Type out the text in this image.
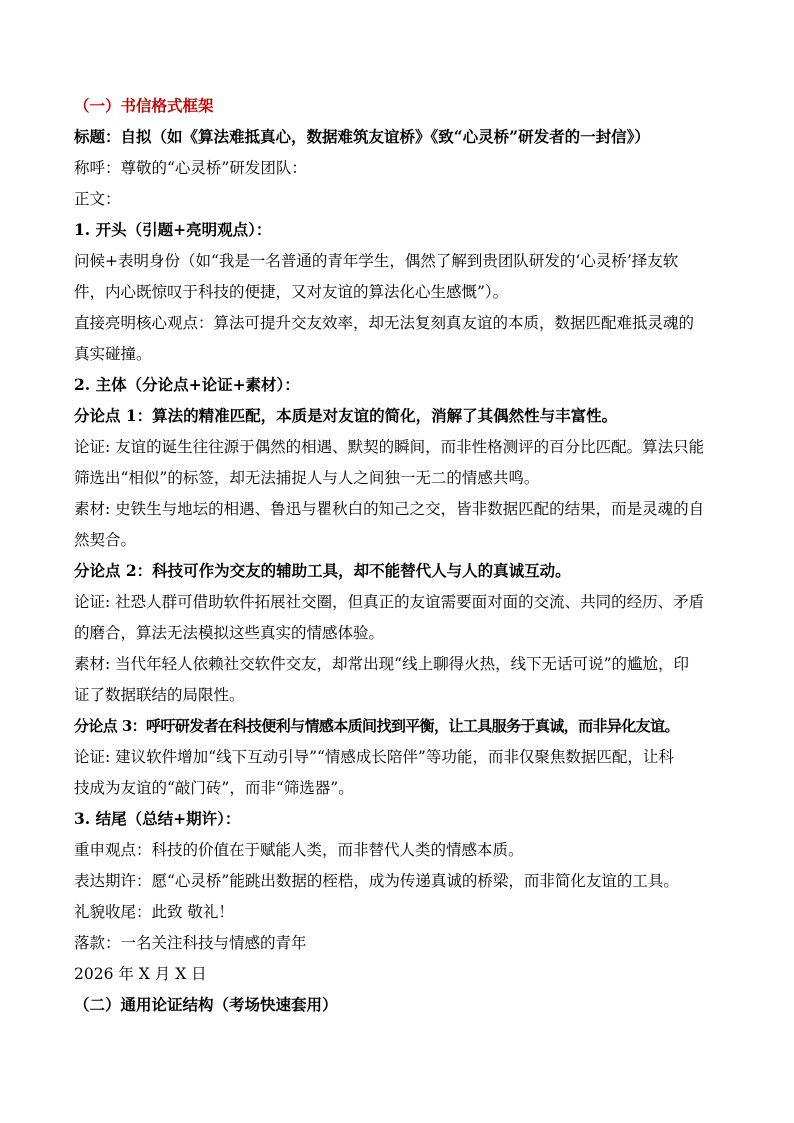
（一）书信格式框架
标题：自拟（如《算法难抵真心，数据难筑友谊桥》《致“心灵桥”研发者的一封信》）
称呼：尊敬的“心灵桥”研发团队：
正文：
1. 开头（引题+亮明观点）：
问候+表明身份（如“我是一名普通的青年学生，偶然了解到贵团队研发的‘心灵桥’择友软
件，内心既惊叹于科技的便捷，又对友谊的算法化心生感慨”）。
直接亮明核心观点：算法可提升交友效率，却无法复刻真友谊的本质，数据匹配难抵灵魂的
真实碰撞。
2. 主体（分论点+论证+素材）：
分论点 1：算法的精准匹配，本质是对友谊的简化，消解了其偶然性与丰富性。
论证: 友谊的诞生往往源于偶然的相遇、默契的瞬间，而非性格测评的百分比匹配。算法只能
筛选出“相似”的标签，却无法捕捉人与人之间独一无二的情感共鸣。
素材: 史铁生与地坛的相遇、鲁迅与瞿秋白的知己之交，皆非数据匹配的结果，而是灵魂的自
然契合。
分论点 2：科技可作为交友的辅助工具，却不能替代人与人的真诚互动。
论证: 社恐人群可借助软件拓展社交圈，但真正的友谊需要面对面的交流、共同的经历、矛盾
的磨合，算法无法模拟这些真实的情感体验。
素材: 当代年轻人依赖社交软件交友，却常出现“线上聊得火热，线下无话可说”的尴尬，印
证了数据联结的局限性。
分论点 3：呼吁研发者在科技便利与情感本质间找到平衡，让工具服务于真诚，而非异化友谊。
论证: 建议软件增加“线下互动引导”“情感成长陪伴”等功能，而非仅聚焦数据匹配，让科
技成为友谊的“敲门砖”，而非“筛选器”。
3. 结尾（总结+期许）：
重申观点：科技的价值在于赋能人类，而非替代人类的情感本质。
表达期许：愿“心灵桥”能跳出数据的桎梏，成为传递真诚的桥梁，而非简化友谊的工具。
礼貌收尾：此致 敬礼！
落款：一名关注科技与情感的青年
2026 年 X 月 X 日
（二）通用论证结构（考场快速套用）
